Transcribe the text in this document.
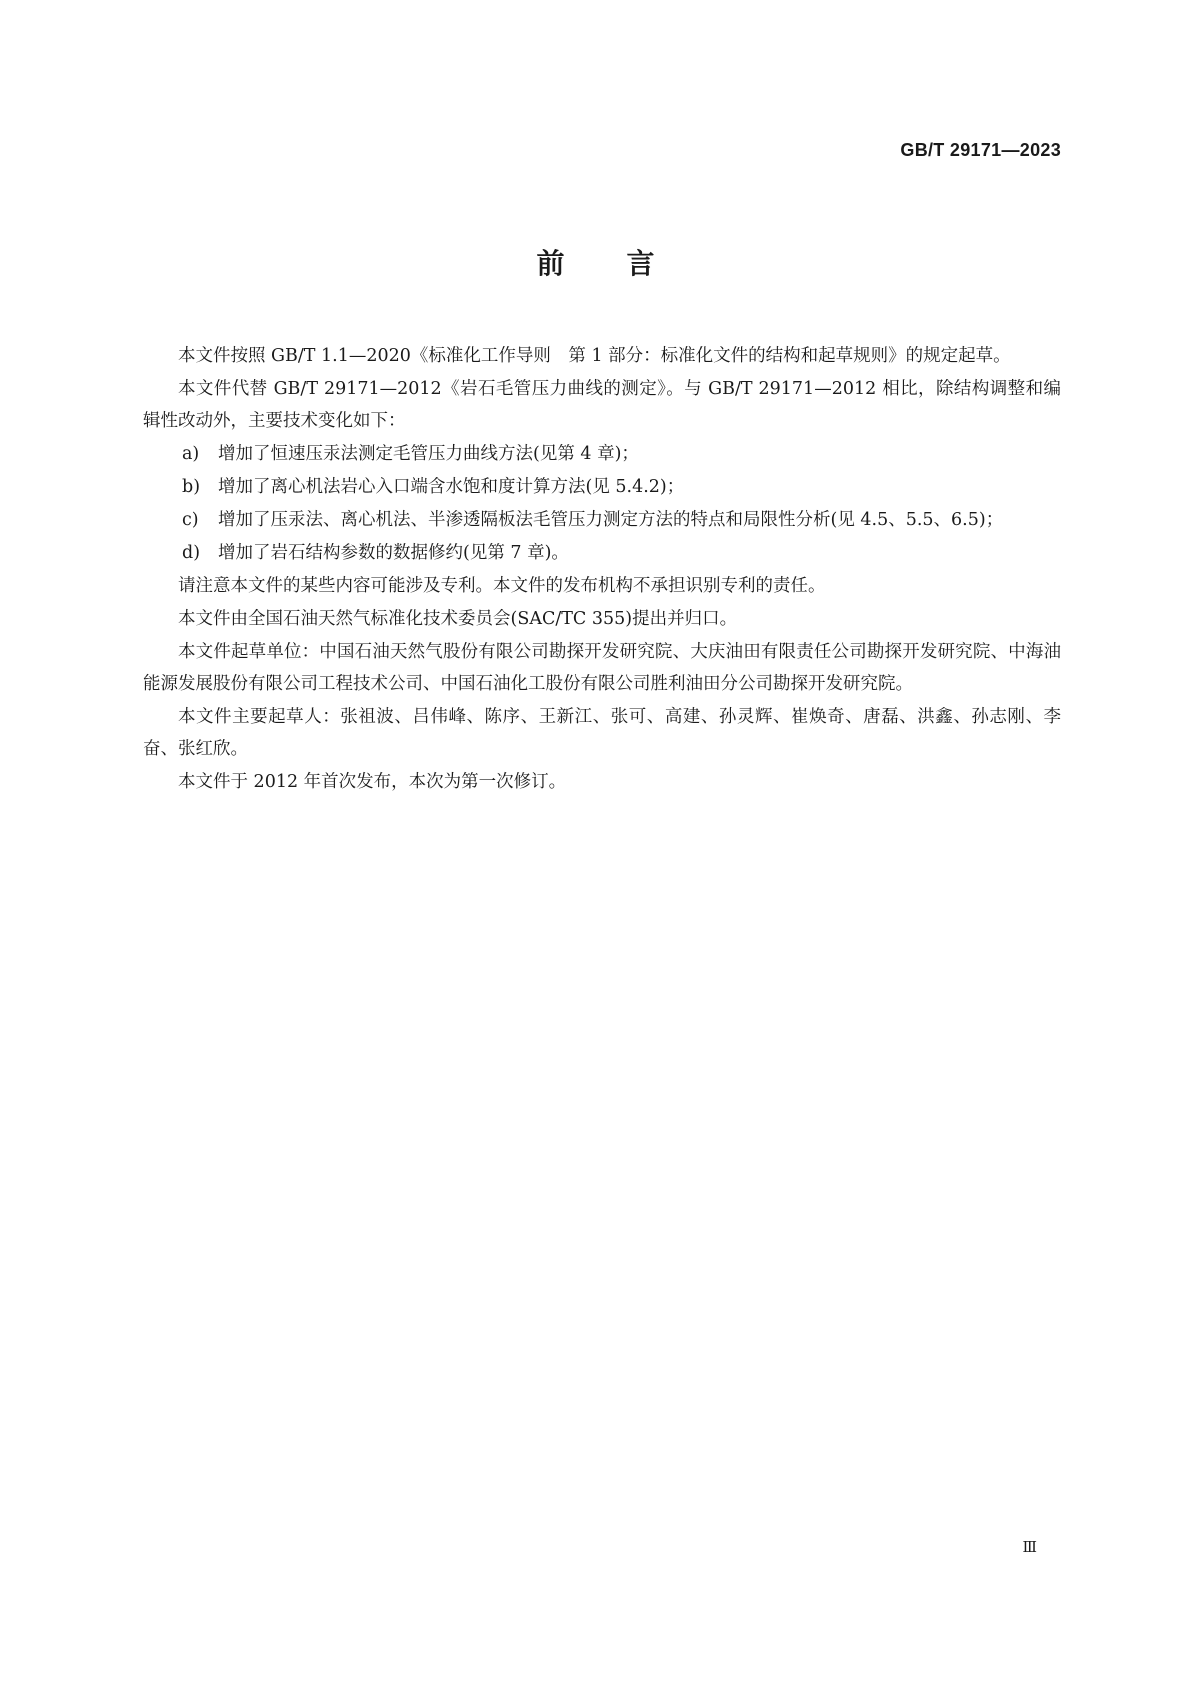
GB/T 29171—2023
前言

本文件按照 GB/T 1.1—2020《标准化工作导则　第 1 部分：标准化文件的结构和起草规则》的规定起草。

本文件代替 GB/T 29171—2012《岩石毛管压力曲线的测定》。与 GB/T 29171—2012 相比，除结构调整和编辑性改动外，主要技术变化如下：

a)	增加了恒速压汞法测定毛管压力曲线方法(见第 4 章)；
b)	增加了离心机法岩心入口端含水饱和度计算方法(见 5.4.2)；
c)	增加了压汞法、离心机法、半渗透隔板法毛管压力测定方法的特点和局限性分析(见 4.5、5.5、6.5)；
d)	增加了岩石结构参数的数据修约(见第 7 章)。

请注意本文件的某些内容可能涉及专利。本文件的发布机构不承担识别专利的责任。

本文件由全国石油天然气标准化技术委员会(SAC/TC 355)提出并归口。

本文件起草单位：中国石油天然气股份有限公司勘探开发研究院、大庆油田有限责任公司勘探开发研究院、中海油能源发展股份有限公司工程技术公司、中国石油化工股份有限公司胜利油田分公司勘探开发研究院。

本文件主要起草人：张祖波、吕伟峰、陈序、王新江、张可、高建、孙灵辉、崔焕奇、唐磊、洪鑫、孙志刚、李奋、张红欣。

本文件于 2012 年首次发布，本次为第一次修订。

Ⅲ
